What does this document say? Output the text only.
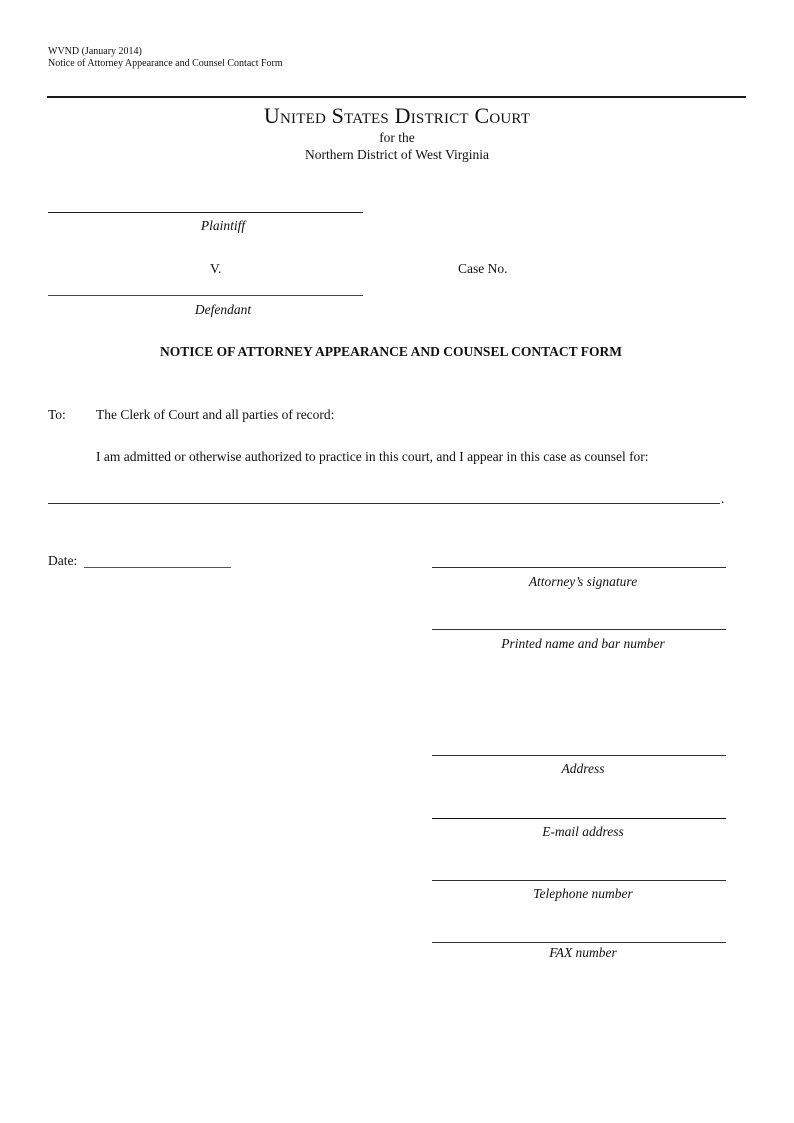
WVND (January 2014)
Notice of Attorney Appearance and Counsel Contact Form
United States District Court
for the
Northern District of West Virginia
Plaintiff
V.	Case No.
Defendant
NOTICE OF ATTORNEY APPEARANCE AND COUNSEL CONTACT FORM
To: The Clerk of Court and all parties of record:
I am admitted or otherwise authorized to practice in this court, and I appear in this case as counsel for:
.
Date:
Attorney’s signature
Printed name and bar number
Address
E-mail address
Telephone number
FAX number
